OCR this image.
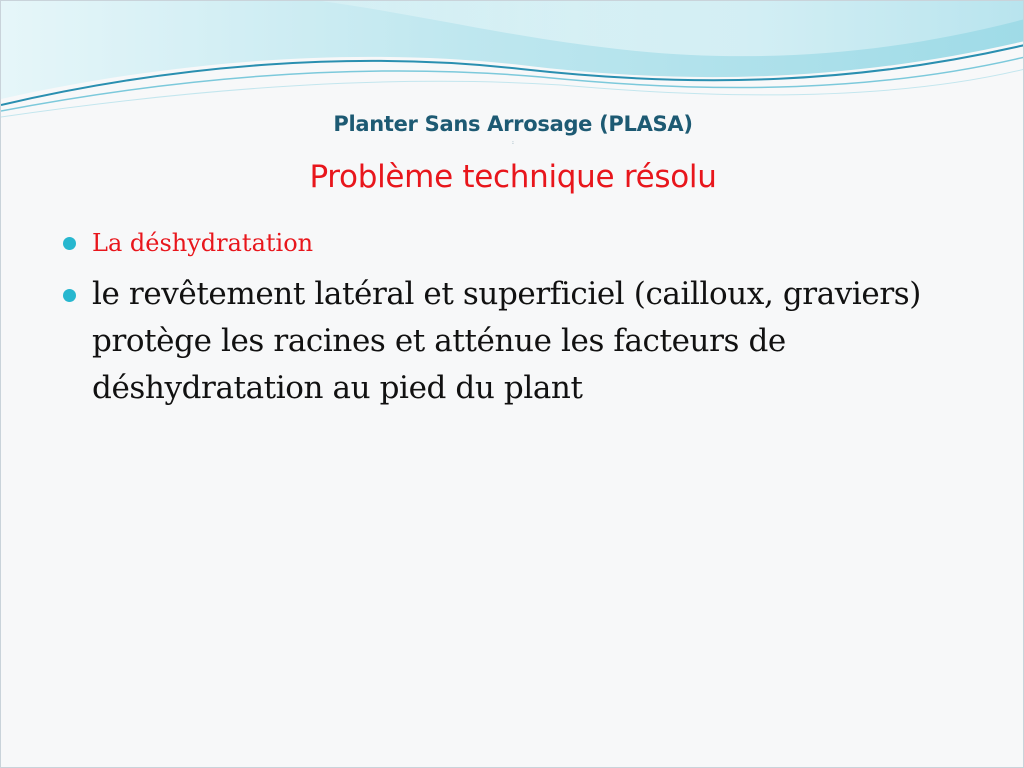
Planter Sans Arrosage (PLASA)
:
Problème technique résolu
La déshydratation
le revêtement latéral et superficiel (cailloux, graviers) protège les racines et atténue les facteurs de déshydratation au pied du plant
